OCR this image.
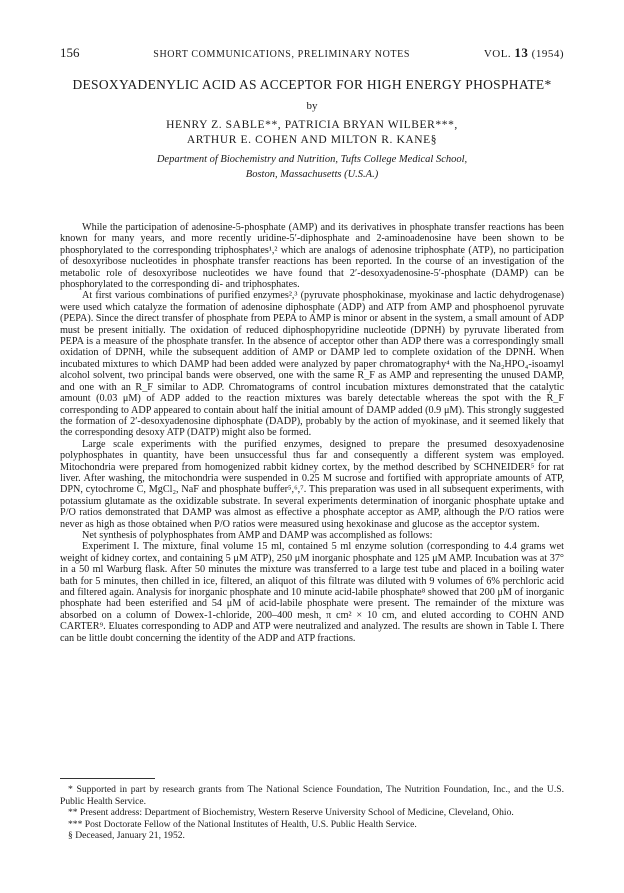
156	SHORT COMMUNICATIONS, PRELIMINARY NOTES	VOL. 13 (1954)
DESOXYADENYLIC ACID AS ACCEPTOR FOR HIGH ENERGY PHOSPHATE*
by
HENRY Z. SABLE**, PATRICIA BRYAN WILBER***,
ARTHUR E. COHEN AND MILTON R. KANE§
Department of Biochemistry and Nutrition, Tufts College Medical School,
Boston, Massachusetts (U.S.A.)

While the participation of adenosine-5-phosphate (AMP) and its derivatives in phosphate transfer reactions has been known for many years, and more recently uridine-5′-diphosphate and 2-aminoadenosine have been shown to be phosphorylated to the corresponding triphosphates¹,² which are analogs of adenosine triphosphate (ATP), no participation of desoxyribose nucleotides in phosphate transfer reactions has been reported. In the course of an investigation of the metabolic role of desoxyribose nucleotides we have found that 2′-desoxyadenosine-5′-phosphate (DAMP) can be phosphorylated to the corresponding di- and triphosphates.

At first various combinations of purified enzymes²,³ (pyruvate phosphokinase, myokinase and lactic dehydrogenase) were used which catalyze the formation of adenosine diphosphate (ADP) and ATP from AMP and phosphoenol pyruvate (PEPA). Since the direct transfer of phosphate from PEPA to AMP is minor or absent in the system, a small amount of ADP must be present initially. The oxidation of reduced diphosphopyridine nucleotide (DPNH) by pyruvate liberated from PEPA is a measure of the phosphate transfer. In the absence of acceptor other than ADP there was a correspondingly small oxidation of DPNH, while the subsequent addition of AMP or DAMP led to complete oxidation of the DPNH. When incubated mixtures to which DAMP had been added were analyzed by paper chromatography⁴ with the Na₂HPO₄-isoamyl alcohol solvent, two principal bands were observed, one with the same R_F as AMP and representing the unused DAMP, and one with an R_F similar to ADP. Chromatograms of control incubation mixtures demonstrated that the catalytic amount (0.03 μM) of ADP added to the reaction mixtures was barely detectable whereas the spot with the R_F corresponding to ADP appeared to contain about half the initial amount of DAMP added (0.9 μM). This strongly suggested the formation of 2′-desoxyadenosine diphosphate (DADP), probably by the action of myokinase, and it seemed likely that the corresponding desoxy ATP (DATP) might also be formed.

Large scale experiments with the purified enzymes, designed to prepare the presumed desoxyadenosine polyphosphates in quantity, have been unsuccessful thus far and consequently a different system was employed. Mitochondria were prepared from homogenized rabbit kidney cortex, by the method described by SCHNEIDER⁵ for rat liver. After washing, the mitochondria were suspended in 0.25 M sucrose and fortified with appropriate amounts of ATP, DPN, cytochrome C, MgCl₂, NaF and phosphate buffer⁵,⁶,⁷. This preparation was used in all subsequent experiments, with potassium glutamate as the oxidizable substrate. In several experiments determination of inorganic phosphate uptake and P/O ratios demonstrated that DAMP was almost as effective a phosphate acceptor as AMP, although the P/O ratios were never as high as those obtained when P/O ratios were measured using hexokinase and glucose as the acceptor system.

Net synthesis of polyphosphates from AMP and DAMP was accomplished as follows:

Experiment I. The mixture, final volume 15 ml, contained 5 ml enzyme solution (corresponding to 4.4 grams wet weight of kidney cortex, and containing 5 μM ATP), 250 μM inorganic phosphate and 125 μM AMP. Incubation was at 37° in a 50 ml Warburg flask. After 50 minutes the mixture was transferred to a large test tube and placed in a boiling water bath for 5 minutes, then chilled in ice, filtered, an aliquot of this filtrate was diluted with 9 volumes of 6% perchloric acid and filtered again. Analysis for inorganic phosphate and 10 minute acid-labile phosphate⁸ showed that 200 μM of inorganic phosphate had been esterified and 54 μM of acid-labile phosphate were present. The remainder of the mixture was absorbed on a column of Dowex-1-chloride, 200–400 mesh, π cm² × 10 cm, and eluted according to COHN AND CARTER⁹. Eluates corresponding to ADP and ATP were neutralized and analyzed. The results are shown in Table I. There can be little doubt concerning the identity of the ADP and ATP fractions.

* Supported in part by research grants from The National Science Foundation, The Nutrition Foundation, Inc., and the U.S. Public Health Service.

** Present address: Department of Biochemistry, Western Reserve University School of Medicine, Cleveland, Ohio.

*** Post Doctorate Fellow of the National Institutes of Health, U.S. Public Health Service.

§ Deceased, January 21, 1952.
